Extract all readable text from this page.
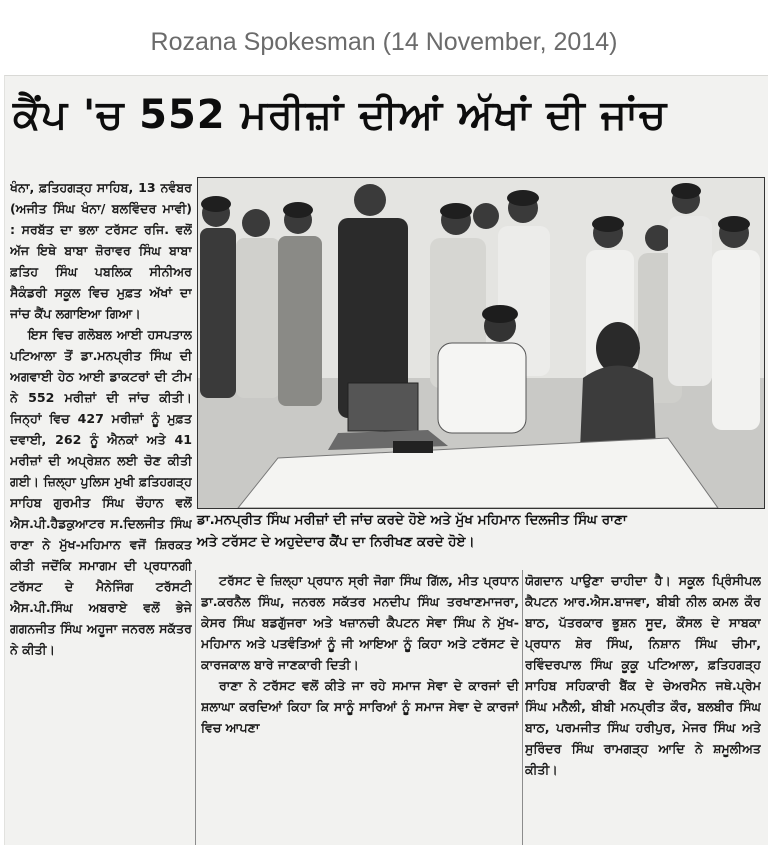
Rozana Spokesman (14 November, 2014)
ਕੈਂਪ 'ਚ 552 ਮਰੀਜ਼ਾਂ ਦੀਆਂ ਅੱਖਾਂ ਦੀ ਜਾਂਚ

ਖੰਨਾ, ਫ਼ਤਿਹਗੜ੍ਹ ਸਾਹਿਬ, 13 ਨਵੰਬਰ (ਅਜੀਤ ਸਿੰਘ ਖੰਨਾ/ ਬਲਵਿੰਦਰ ਮਾਵੀ) : ਸਰਬੱਤ ਦਾ ਭਲਾ ਟਰੱਸਟ ਰਜਿ. ਵਲੋਂ ਅੱਜ ਇਥੇ ਬਾਬਾ ਜ਼ੋਰਾਵਰ ਸਿੰਘ ਬਾਬਾ ਫ਼ਤਿਹ ਸਿੰਘ ਪਬਲਿਕ ਸੀਨੀਅਰ ਸੈਕੰਡਰੀ ਸਕੂਲ ਵਿਚ ਮੁਫ਼ਤ ਅੱਖਾਂ ਦਾ ਜਾਂਚ ਕੈਂਪ ਲਗਾਇਆ ਗਿਆ।

ਇਸ ਵਿਚ ਗਲੋਬਲ ਆਈ ਹਸਪਤਾਲ ਪਟਿਆਲਾ ਤੋਂ ਡਾ.ਮਨਪ੍ਰੀਤ ਸਿੰਘ ਦੀ ਅਗਵਾਈ ਹੇਠ ਆਈ ਡਾਕਟਰਾਂ ਦੀ ਟੀਮ ਨੇ 552 ਮਰੀਜ਼ਾਂ ਦੀ ਜਾਂਚ ਕੀਤੀ। ਜਿਨ੍ਹਾਂ ਵਿਚ 427 ਮਰੀਜ਼ਾਂ ਨੂੰ ਮੁਫ਼ਤ ਦਵਾਈ, 262 ਨੂੰ ਐਨਕਾਂ ਅਤੇ 41 ਮਰੀਜ਼ਾਂ ਦੀ ਅਪ੍ਰੇਸ਼ਨ ਲਈ ਚੋਣ ਕੀਤੀ ਗਈ। ਜ਼ਿਲ੍ਹਾ ਪੁਲਿਸ ਮੁਖੀ ਫ਼ਤਿਹਗੜ੍ਹ ਸਾਹਿਬ ਗੁਰਮੀਤ ਸਿੰਘ ਚੌਹਾਨ ਵਲੋਂ ਐਸ.ਪੀ.ਹੈਡਕੁਆਟਰ ਸ.ਦਿਲਜੀਤ ਸਿੰਘ ਰਾਣਾ ਨੇ ਮੁੱਖ-ਮਹਿਮਾਨ ਵਜੋਂ ਸ਼ਿਰਕਤ ਕੀਤੀ ਜਦੋਂਕਿ ਸਮਾਗਮ ਦੀ ਪ੍ਰਧਾਨਗੀ ਟਰੱਸਟ ਦੇ ਮੈਨੇਜਿੰਗ ਟਰੱਸਟੀ ਐਸ.ਪੀ.ਸਿੰਘ ਅਬਰਾਏ ਵਲੋਂ ਭੇਜੇ ਗਗਨਜੀਤ ਸਿੰਘ ਅਹੂਜਾ ਜਨਰਲ ਸਕੱਤਰ ਨੇ ਕੀਤੀ।

ਡਾ.ਮਨਪ੍ਰੀਤ ਸਿੰਘ ਮਰੀਜ਼ਾਂ ਦੀ ਜਾਂਚ ਕਰਦੇ ਹੋਏ ਅਤੇ ਮੁੱਖ ਮਹਿਮਾਨ ਦਿਲਜੀਤ ਸਿੰਘ ਰਾਣਾ
ਅਤੇ ਟਰੱਸਟ ਦੇ ਅਹੁਦੇਦਾਰ ਕੈਂਪ ਦਾ ਨਿਰੀਖਣ ਕਰਦੇ ਹੋਏ।

ਟਰੱਸਟ ਦੇ ਜ਼ਿਲ੍ਹਾ ਪ੍ਰਧਾਨ ਸ੍ਰੀ ਜੋਗਾ ਸਿੰਘ ਗਿੱਲ, ਮੀਤ ਪ੍ਰਧਾਨ ਡਾ.ਕਰਨੈਲ ਸਿੰਘ, ਜਨਰਲ ਸਕੱਤਰ ਮਨਦੀਪ ਸਿੰਘ ਤਰਖਾਣਮਾਜਰਾ, ਕੇਸਰ ਸਿੰਘ ਬਡਗੁੱਜਰਾ ਅਤੇ ਖਜ਼ਾਨਚੀ ਕੈਪਟਨ ਸੇਵਾ ਸਿੰਘ ਨੇ ਮੁੱਖ-ਮਹਿਮਾਨ ਅਤੇ ਪਤਵੰਤਿਆਂ ਨੂੰ ਜੀ ਆਇਆ ਨੂੰ ਕਿਹਾ ਅਤੇ ਟਰੱਸਟ ਦੇ ਕਾਰਜਕਾਲ ਬਾਰੇ ਜਾਣਕਾਰੀ ਦਿਤੀ।

ਰਾਣਾ ਨੇ ਟਰੱਸਟ ਵਲੋਂ ਕੀਤੇ ਜਾ ਰਹੇ ਸਮਾਜ ਸੇਵਾ ਦੇ ਕਾਰਜਾਂ ਦੀ ਸ਼ਲਾਘਾ ਕਰਦਿਆਂ ਕਿਹਾ ਕਿ ਸਾਨੂੰ ਸਾਰਿਆਂ ਨੂੰ ਸਮਾਜ ਸੇਵਾ ਦੇ ਕਾਰਜਾਂ ਵਿਚ ਆਪਣਾ

ਯੋਗਦਾਨ ਪਾਉਣਾ ਚਾਹੀਦਾ ਹੈ। ਸਕੂਲ ਪ੍ਰਿੰਸੀਪਲ ਕੈਪਟਨ ਆਰ.ਐਸ.ਬਾਜਵਾ, ਬੀਬੀ ਨੀਲ ਕਮਲ ਕੌਰ ਬਾਠ, ਪੱਤਰਕਾਰ ਭੂਸ਼ਨ ਸੂਦ, ਕੌਂਸਲ ਦੇ ਸਾਬਕਾ ਪ੍ਰਧਾਨ ਸ਼ੇਰ ਸਿੰਘ, ਨਿਸ਼ਾਨ ਸਿੰਘ ਚੀਮਾ, ਰਵਿੰਦਰਪਾਲ ਸਿੰਘ ਕੂਕੂ ਪਟਿਆਲਾ, ਫ਼ਤਿਹਗੜ੍ਹ ਸਾਹਿਬ ਸਹਿਕਾਰੀ ਬੈਂਕ ਦੇ ਚੇਅਰਮੈਨ ਜਥੇ.ਪ੍ਰੇਮ ਸਿੰਘ ਮਨੈਲੀ, ਬੀਬੀ ਮਨਪ੍ਰੀਤ ਕੌਰ, ਬਲਬੀਰ ਸਿੰਘ ਬਾਠ, ਪਰਮਜੀਤ ਸਿੰਘ ਹਰੀਪੁਰ, ਮੇਜਰ ਸਿੰਘ ਅਤੇ ਸੁਰਿੰਦਰ ਸਿੰਘ ਰਾਮਗੜ੍ਹ ਆਦਿ ਨੇ ਸ਼ਮੂਲੀਅਤ ਕੀਤੀ।
